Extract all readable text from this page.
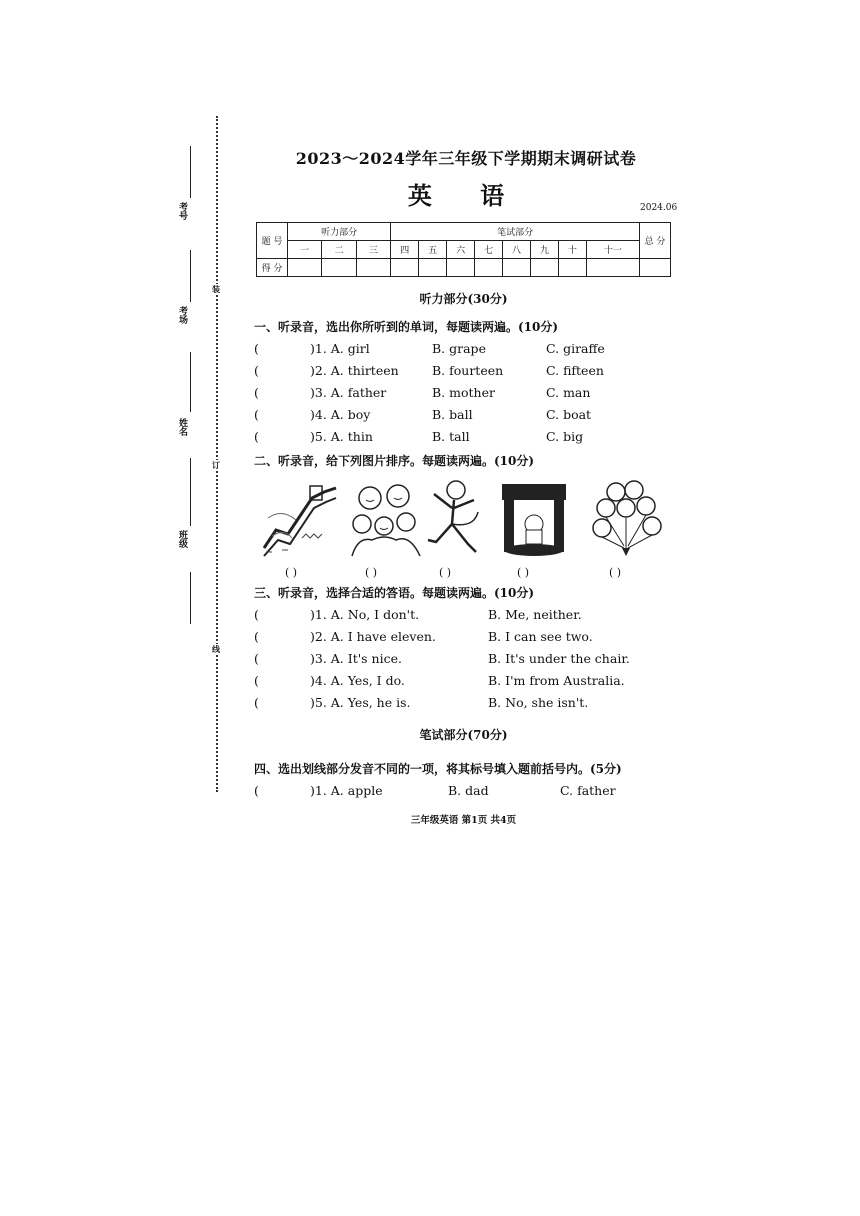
考号
考场
姓名
班级
装
订
线
2023～2024学年三年级下学期期末调研试卷
英 语	2024.06
题 号	听力部分			笔试部分								总 分
	一	二	三	四	五	六	七	八	九	十	十一	
得 分												
听力部分(30分)
一、听录音，选出你所听到的单词，每题读两遍。(10分)
(	)1. A. girl	B. grape	C. giraffe
(	)2. A. thirteen	B. fourteen	C. fifteen
(	)3. A. father	B. mother	C. man
(	)4. A. boy	B. ball	C. boat
(	)5. A. thin	B. tall	C. big
二、听录音，给下列图片排序。每题读两遍。(10分)
( )	( )	( )	( )	( )
三、听录音，选择合适的答语。每题读两遍。(10分)
(	)1. A. No, I don't.	B. Me, neither.
(	)2. A. I have eleven.	B. I can see two.
(	)3. A. It's nice.	B. It's under the chair.
(	)4. A. Yes, I do.	B. I'm from Australia.
(	)5. A. Yes, he is.	B. No, she isn't.
笔试部分(70分)
四、选出划线部分发音不同的一项，将其标号填入题前括号内。(5分)
(	)1. A. apple	B. dad	C. father
三年级英语 第1页 共4页
